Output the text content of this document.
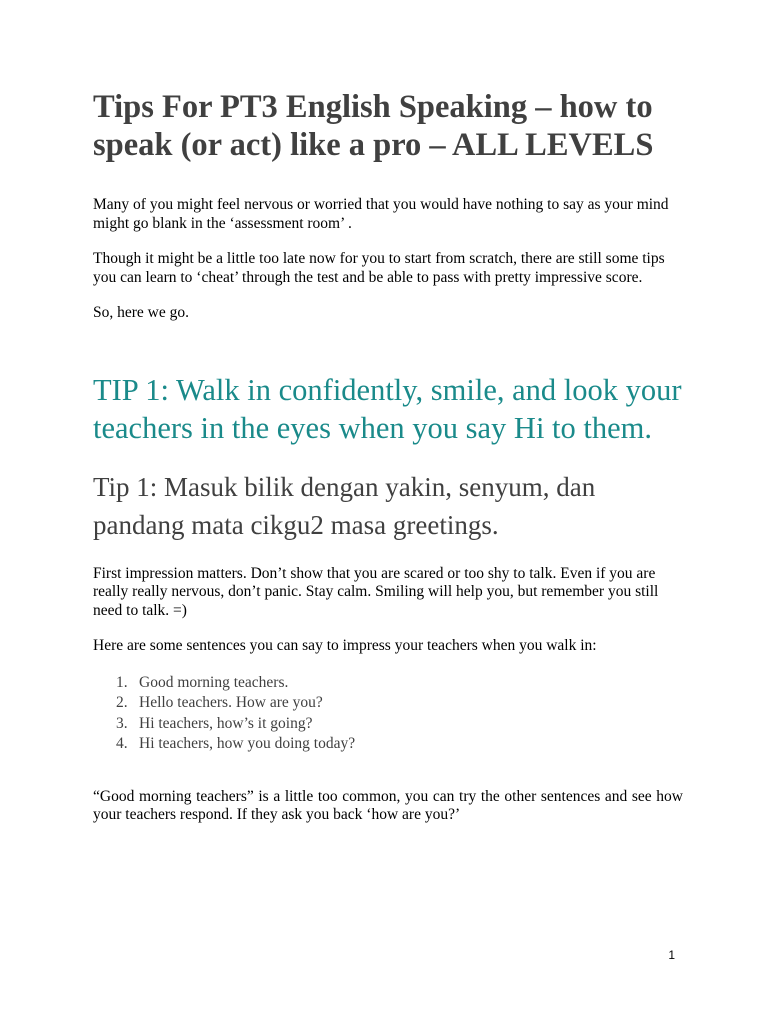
Tips For PT3 English Speaking – how to speak (or act) like a pro – ALL LEVELS

Many of you might feel nervous or worried that you would have nothing to say as your mind might go blank in the ‘assessment room’ .

Though it might be a little too late now for you to start from scratch, there are still some tips you can learn to ‘cheat’ through the test and be able to pass with pretty impressive score.

So, here we go.

TIP 1: Walk in confidently, smile, and look your teachers in the eyes when you say Hi to them.
Tip 1: Masuk bilik dengan yakin, senyum, dan pandang mata cikgu2 masa greetings.

First impression matters. Don’t show that you are scared or too shy to talk. Even if you are really really nervous, don’t panic. Stay calm. Smiling will help you, but remember you still need to talk. =)

Here are some sentences you can say to impress your teachers when you walk in:

1. Good morning teachers.
2. Hello teachers. How are you?
3. Hi teachers, how’s it going?
4. Hi teachers, how you doing today?

“Good morning teachers” is a little too common, you can try the other sentences and see how your teachers respond. If they ask you back ‘how are you?’

1
